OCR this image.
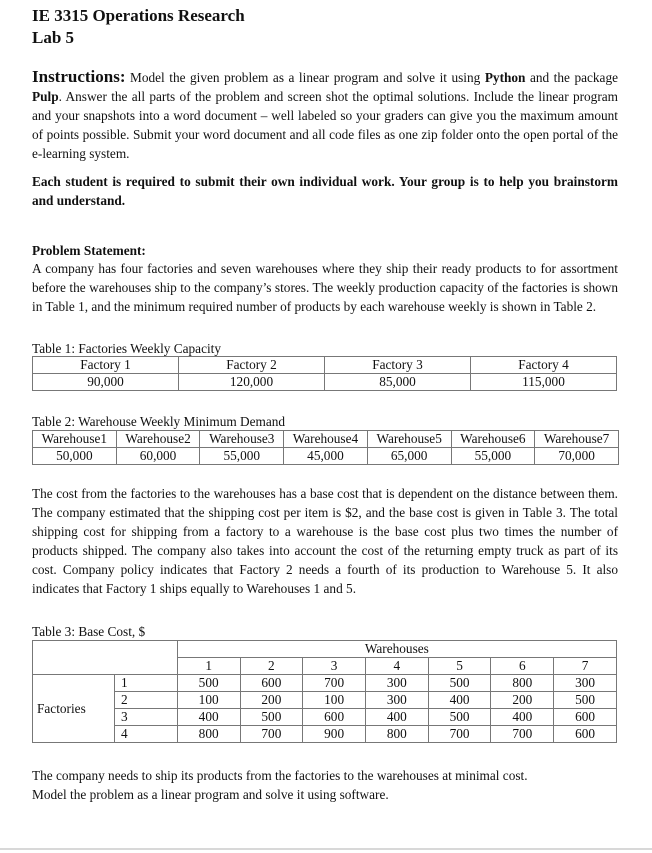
IE 3315 Operations Research
Lab 5
Instructions: Model the given problem as a linear program and solve it using Python and the package Pulp. Answer the all parts of the problem and screen shot the optimal solutions. Include the linear program and your snapshots into a word document – well labeled so your graders can give you the maximum amount of points possible. Submit your word document and all code files as one zip folder onto the open portal of the e-learning system.
Each student is required to submit their own individual work. Your group is to help you brainstorm and understand.
Problem Statement:
A company has four factories and seven warehouses where they ship their ready products to for assortment before the warehouses ship to the company’s stores. The weekly production capacity of the factories is shown in Table 1, and the minimum required number of products by each warehouse weekly is shown in Table 2.
Table 1: Factories Weekly Capacity
Factory 1	Factory 2	Factory 3	Factory 4
90,000	120,000	85,000	115,000
Table 2: Warehouse Weekly Minimum Demand
Warehouse1	Warehouse2	Warehouse3	Warehouse4	Warehouse5	Warehouse6	Warehouse7
50,000	60,000	55,000	45,000	65,000	55,000	70,000
The cost from the factories to the warehouses has a base cost that is dependent on the distance between them. The company estimated that the shipping cost per item is $2, and the base cost is given in Table 3. The total shipping cost for shipping from a factory to a warehouse is the base cost plus two times the number of products shipped. The company also takes into account the cost of the returning empty truck as part of its cost. Company policy indicates that Factory 2 needs a fourth of its production to Warehouse 5. It also indicates that Factory 1 ships equally to Warehouses 1 and 5.
Table 3: Base Cost, $
		Warehouses						
		1	2	3	4	5	6	7
Factories	1	500	600	700	300	500	800	300
	2	100	200	100	300	400	200	500
	3	400	500	600	400	500	400	600
	4	800	700	900	800	700	700	600
The company needs to ship its products from the factories to the warehouses at minimal cost.
Model the problem as a linear program and solve it using software.
